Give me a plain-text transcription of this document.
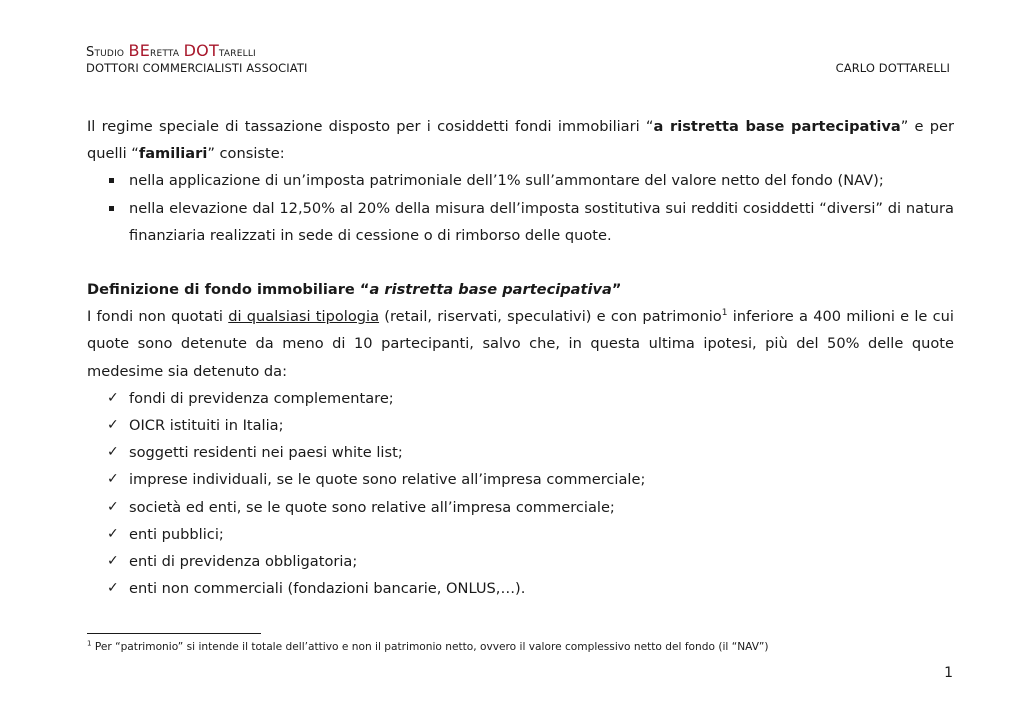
Studio BEretta DOTtarelli
DOTTORI COMMERCIALISTI ASSOCIATI	CARLO DOTTARELLI

Il regime speciale di tassazione disposto per i cosiddetti fondi immobiliari “a ristretta base partecipativa” e per quelli “familiari” consiste:

nella applicazione di un’imposta patrimoniale dell’1% sull’ammontare del valore netto del fondo (NAV);
nella elevazione dal 12,50% al 20% della misura dell’imposta sostitutiva sui redditi cosiddetti “diversi” di natura finanziaria realizzati in sede di cessione o di rimborso delle quote.

Definizione di fondo immobiliare “a ristretta base partecipativa”

I fondi non quotati di qualsiasi tipologia (retail, riservati, speculativi) e con patrimonio$^1$ inferiore a 400 milioni e le cui quote sono detenute da meno di 10 partecipanti, salvo che, in questa ultima ipotesi, più del 50% delle quote medesime sia detenuto da:

✓ fondi di previdenza complementare;
✓ OICR istituiti in Italia;
✓ soggetti residenti nei paesi white list;
✓ imprese individuali, se le quote sono relative all’impresa commerciale;
✓ società ed enti, se le quote sono relative all’impresa commerciale;
✓ enti pubblici;
✓ enti di previdenza obbligatoria;
✓ enti non commerciali (fondazioni bancarie, ONLUS,…).
$^1$ Per “patrimonio” si intende il totale dell’attivo e non il patrimonio netto, ovvero il valore complessivo netto del fondo (il “NAV”)
1
